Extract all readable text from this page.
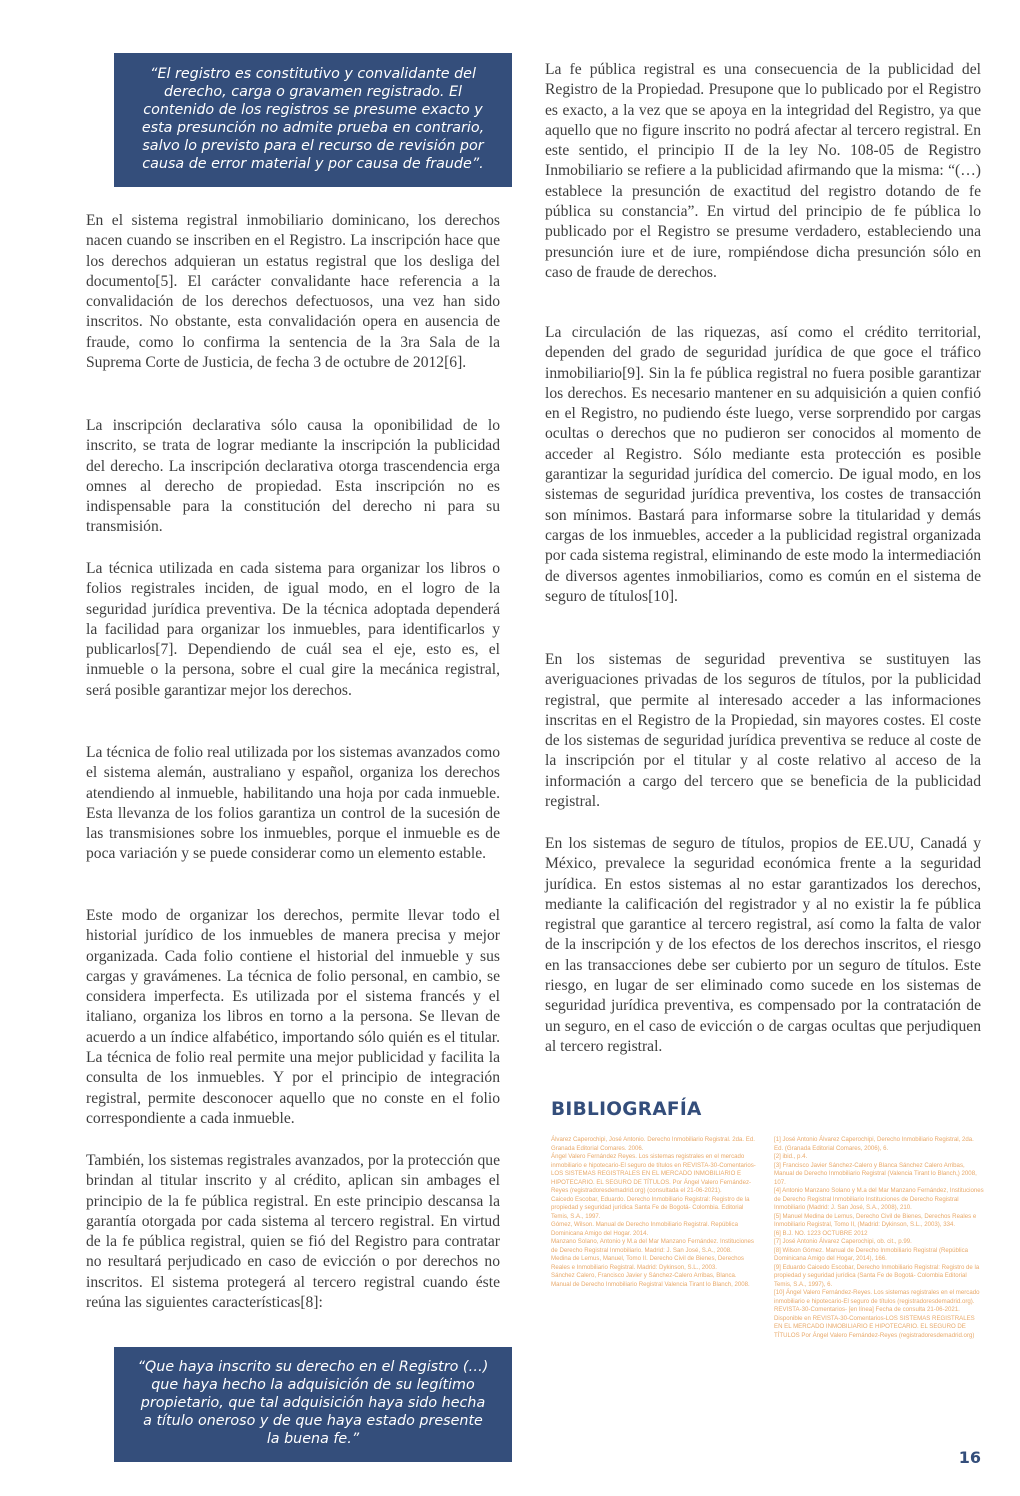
“El registro es constitutivo y convalidante del derecho, carga o gravamen registrado. El contenido de los registros se presume exacto y esta presunción no admite prueba en contrario, salvo lo previsto para el recurso de revisión por causa de error material y por causa de fraude”.

En el sistema registral inmobiliario dominicano, los derechos nacen cuando se inscriben en el Registro. La inscripción hace que los derechos adquieran un estatus registral que los desliga del documento[5]. El carácter convalidante hace referencia a la convalidación de los derechos defectuosos, una vez han sido inscritos. No obstante, esta convalidación opera en ausencia de fraude, como lo confirma la sentencia de la 3ra Sala de la Suprema Corte de Justicia, de fecha 3 de octubre de 2012[6].

La inscripción declarativa sólo causa la oponibilidad de lo inscrito, se trata de lograr mediante la inscripción la publicidad del derecho. La inscripción declarativa otorga trascendencia erga omnes al derecho de propiedad. Esta inscripción no es indispensable para la constitución del derecho ni para su transmisión.

La técnica utilizada en cada sistema para organizar los libros o folios registrales inciden, de igual modo, en el logro de la seguridad jurídica preventiva. De la técnica adoptada dependerá la facilidad para organizar los inmuebles, para identificarlos y publicarlos[7]. Dependiendo de cuál sea el eje, esto es, el inmueble o la persona, sobre el cual gire la mecánica registral, será posible garantizar mejor los derechos.

La técnica de folio real utilizada por los sistemas avanzados como el sistema alemán, australiano y español, organiza los derechos atendiendo al inmueble, habilitando una hoja por cada inmueble. Esta llevanza de los folios garantiza un control de la sucesión de las transmisiones sobre los inmuebles, porque el inmueble es de poca variación y se puede considerar como un elemento estable.

Este modo de organizar los derechos, permite llevar todo el historial jurídico de los inmuebles de manera precisa y mejor organizada. Cada folio contiene el historial del inmueble y sus cargas y gravámenes. La técnica de folio personal, en cambio, se considera imperfecta. Es utilizada por el sistema francés y el italiano, organiza los libros en torno a la persona. Se llevan de acuerdo a un índice alfabético, importando sólo quién es el titular. La técnica de folio real permite una mejor publicidad y facilita la consulta de los inmuebles. Y por el principio de integración registral, permite desconocer aquello que no conste en el folio correspondiente a cada inmueble.

También, los sistemas registrales avanzados, por la protección que brindan al titular inscrito y al crédito, aplican sin ambages el principio de la fe pública registral. En este principio descansa la garantía otorgada por cada sistema al tercero registral. En virtud de la fe pública registral, quien se fió del Registro para contratar no resultará perjudicado en caso de evicción o por derechos no inscritos. El sistema protegerá al tercero registral cuando éste reúna las siguientes características[8]:

“Que haya inscrito su derecho en el Registro (…) que haya hecho la adquisición de su legítimo propietario, que tal adquisición haya sido hecha a título oneroso y de que haya estado presente la buena fe.”

La fe pública registral es una consecuencia de la publicidad del Registro de la Propiedad. Presupone que lo publicado por el Registro es exacto, a la vez que se apoya en la integridad del Registro, ya que aquello que no figure inscrito no podrá afectar al tercero registral. En este sentido, el principio II de la ley No. 108-05 de Registro Inmobiliario se refiere a la publicidad afirmando que la misma: “(…) establece la presunción de exactitud del registro dotando de fe pública su constancia”. En virtud del principio de fe pública lo publicado por el Registro se presume verdadero, estableciendo una presunción iure et de iure, rompiéndose dicha presunción sólo en caso de fraude de derechos.

La circulación de las riquezas, así como el crédito territorial, dependen del grado de seguridad jurídica de que goce el tráfico inmobiliario[9]. Sin la fe pública registral no fuera posible garantizar los derechos. Es necesario mantener en su adquisición a quien confió en el Registro, no pudiendo éste luego, verse sorprendido por cargas ocultas o derechos que no pudieron ser conocidos al momento de acceder al Registro. Sólo mediante esta protección es posible garantizar la seguridad jurídica del comercio. De igual modo, en los sistemas de seguridad jurídica preventiva, los costes de transacción son mínimos. Bastará para informarse sobre la titularidad y demás cargas de los inmuebles, acceder a la publicidad registral organizada por cada sistema registral, eliminando de este modo la intermediación de diversos agentes inmobiliarios, como es común en el sistema de seguro de títulos[10].

En los sistemas de seguridad preventiva se sustituyen las averiguaciones privadas de los seguros de títulos, por la publicidad registral, que permite al interesado acceder a las informaciones inscritas en el Registro de la Propiedad, sin mayores costes. El coste de los sistemas de seguridad jurídica preventiva se reduce al coste de la inscripción por el titular y al coste relativo al acceso de la información a cargo del tercero que se beneficia de la publicidad registral.

En los sistemas de seguro de títulos, propios de EE.UU, Canadá y México, prevalece la seguridad económica frente a la seguridad jurídica. En estos sistemas al no estar garantizados los derechos, mediante la calificación del registrador y al no existir la fe pública registral que garantice al tercero registral, así como la falta de valor de la inscripción y de los efectos de los derechos inscritos, el riesgo en las transacciones debe ser cubierto por un seguro de títulos. Este riesgo, en lugar de ser eliminado como sucede en los sistemas de seguridad jurídica preventiva, es compensado por la contratación de un seguro, en el caso de evicción o de cargas ocultas que perjudiquen al tercero registral.

BIBLIOGRAFÍA
Álvarez Caperochipi, José Antonio. Derecho Inmobiliario Registral. 2da. Ed. Granada Editorial Comares. 2006.
Ángel Valero Fernández Reyes. Los sistemas registrales en el mercado inmobiliario e hipotecario-El seguro de títulos en REVISTA-30-Comentarios-LOS SISTEMAS REGISTRALES EN EL MERCADO INMOBILIARIO E HIPOTECARIO. EL SEGURO DE TÍTULOS. Por Ángel Valero Fernández-Reyes (registradoresdemadrid.org) (consultada el 21-06-2021).
Caicedo Escobar, Eduardo. Derecho Inmobiliario Registral: Registro de la propiedad y seguridad jurídica Santa Fe de Bogotá- Colombia. Editorial Temis, S.A., 1997.
Gómez, Wilson. Manual de Derecho Inmobiliario Registral. República Dominicana Amigo del Hogar. 2014.
Manzano Solano, Antonio y M.a del Mar Manzano Fernández. Instituciones de Derecho Registral Inmobiliario. Madrid: J. San José, S.A., 2008.
Medina de Lemus, Manuel, Tomo II. Derecho Civil de Bienes, Derechos Reales e Inmobiliario Registral. Madrid: Dykinson, S.L., 2003.
Sánchez Calero, Francisco Javier y Sánchez-Calero Arribas, Blanca. Manual de Derecho Inmobiliario Registral Valencia Tirant lo Blanch, 2008.
[1] José Antonio Álvarez Caperochipi, Derecho Inmobiliario Registral, 2da. Ed. (Granada Editorial Comares, 2006), 6.
[2] ibid., p.4.
[3] Francisco Javier Sánchez-Calero y Blanca Sánchez Calero Arribas, Manual de Derecho Inmobiliario Registral (Valencia Tirant lo Blanch,) 2008, 107.
[4] Antonio Manzano Solano y M.a del Mar Manzano Fernández, Instituciones de Derecho Registral Inmobiliario Instituciones de Derecho Registral Inmobiliario (Madrid: J. San José, S.A., 2008), 210.
[5] Manuel Medina de Lemus, Derecho Civil de Bienes, Derechos Reales e Inmobiliario Registral, Tomo II, (Madrid: Dykinson, S.L., 2003), 334.
[6] B.J. NO. 1223 OCTUBRE 2012
[7] José Antonio Álvarez Caperochipi, ob. cit., p.99.
[8] Wilson Gómez. Manual de Derecho Inmobiliario Registral (República Dominicana Amigo del Hogar, 2014), 166.
[9] Eduardo Caicedo Escobar, Derecho Inmobiliario Registral: Registro de la propiedad y seguridad jurídica (Santa Fe de Bogotá- Colombia Editorial Temis, S.A., 1997), 6.
[10] Ángel Valero Fernández-Reyes. Los sistemas registrales en el mercado inmobiliario e hipotecario-El seguro de títulos (registradoresdemadrid.org). REVISTA-30-Comentarios- [en línea] Fecha de consulta 21-06-2021. Disponible en REVISTA-30-Comentarios-LOS SISTEMAS REGISTRALES EN EL MERCADO INMOBILIARIO E HIPOTECARIO. EL SEGURO DE TÍTULOS Por Ángel Valero Fernández-Reyes (registradoresdemadrid.org)
16
